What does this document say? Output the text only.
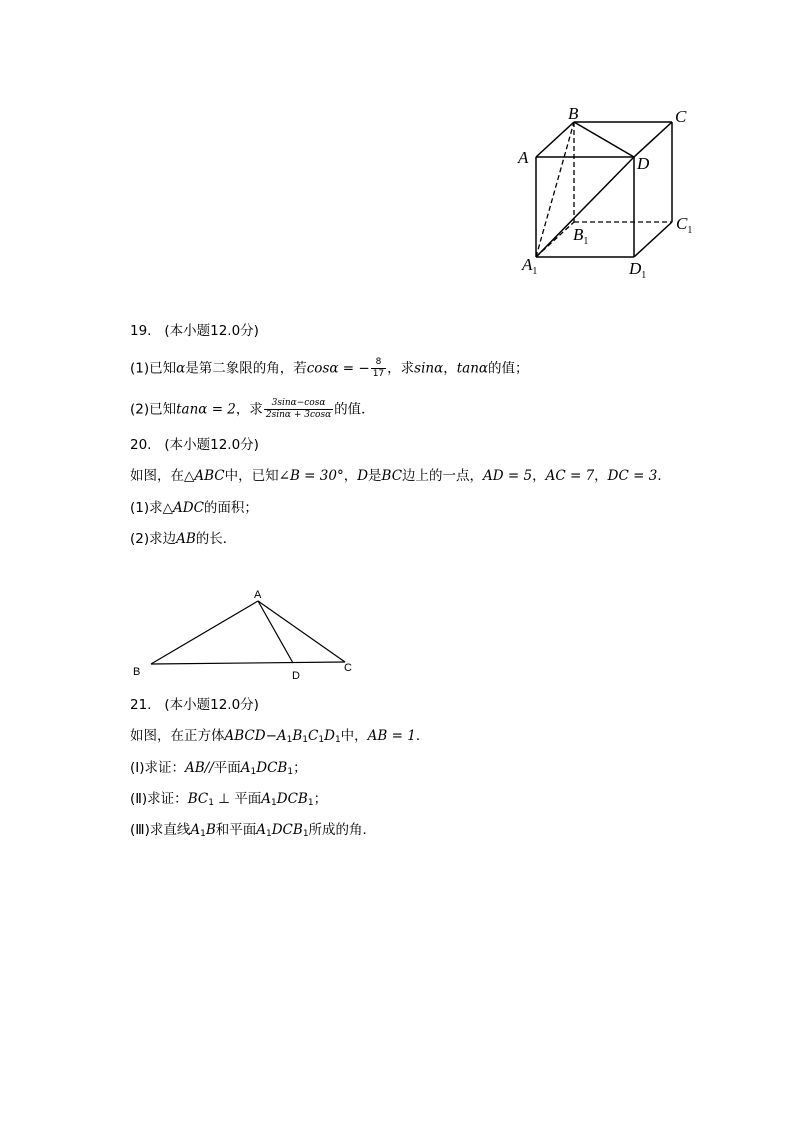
B	C
A	D
$C_1$
$B_1$
$A_1$	$D_1$
19. (本小题12.0分)
(1)已知α是第二象限的角，若cosα = − $\frac{8}{17}$ ，求sinα，tanα的值；
(2)已知tanα = 2，求 $\frac{3\sin\alpha-\cos\alpha}{2\sin\alpha + 3\cos\alpha}$ 的值．
20. (本小题12.0分)
如图，在△ABC中，已知∠B = 30°，D是BC边上的一点，AD = 5，AC = 7，DC = 3．
(1)求△ADC的面积；
(2)求边AB的长．
A
B	C
D
21. (本小题12.0分)
如图，在正方体$ABCD-A_1B_1C_1D_1$中，AB = 1．
(Ⅰ)求证：AB//平面$A_1DCB_1$；
(Ⅱ)求证：$BC_1$ ⊥ 平面$A_1DCB_1$；
(Ⅲ)求直线$A_1B$和平面$A_1DCB_1$所成的角．
